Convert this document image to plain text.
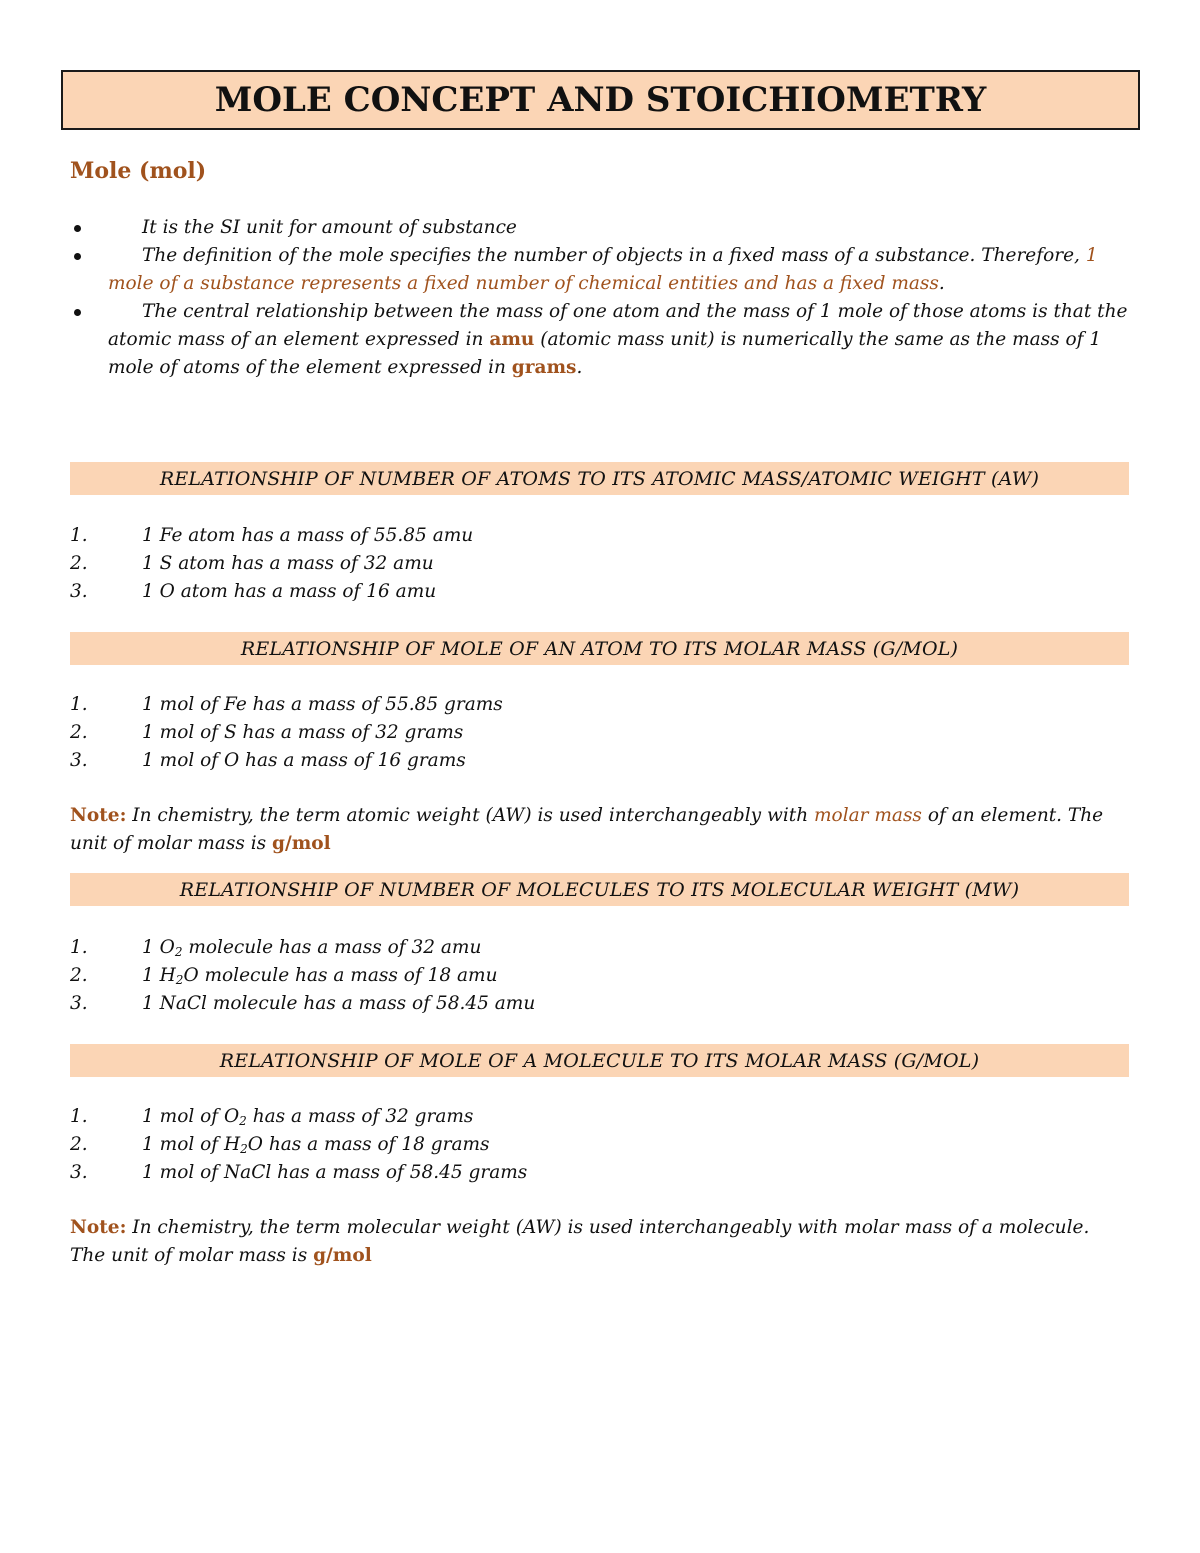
MOLE CONCEPT AND STOICHIOMETRY
Mole (mol)
It is the SI unit for amount of substance
The definition of the mole specifies the number of objects in a fixed mass of a substance. Therefore, 1 mole of a substance represents a fixed number of chemical entities and has a fixed mass.
The central relationship between the mass of one atom and the mass of 1 mole of those atoms is that the atomic mass of an element expressed in amu (atomic mass unit) is numerically the same as the mass of 1 mole of atoms of the element expressed in grams.
RELATIONSHIP OF NUMBER OF ATOMS TO ITS ATOMIC MASS/ATOMIC WEIGHT (AW)
1.	1 Fe atom has a mass of 55.85 amu
2.	1 S atom has a mass of 32 amu
3.	1 O atom has a mass of 16 amu
RELATIONSHIP OF MOLE OF AN ATOM TO ITS MOLAR MASS (G/MOL)
1.	1 mol of Fe has a mass of 55.85 grams
2.	1 mol of S has a mass of 32 grams
3.	1 mol of O has a mass of 16 grams
Note: In chemistry, the term atomic weight (AW) is used interchangeably with molar mass of an element. The unit of molar mass is g/mol
RELATIONSHIP OF NUMBER OF MOLECULES TO ITS MOLECULAR WEIGHT (MW)
1.	1 $O_2$ molecule has a mass of 32 amu
2.	1 $H_2O$ molecule has a mass of 18 amu
3.	1 NaCl molecule has a mass of 58.45 amu
RELATIONSHIP OF MOLE OF A MOLECULE TO ITS MOLAR MASS (G/MOL)
1.	1 mol of $O_2$ has a mass of 32 grams
2.	1 mol of $H_2O$ has a mass of 18 grams
3.	1 mol of NaCl has a mass of 58.45 grams
Note: In chemistry, the term molecular weight (AW) is used interchangeably with molar mass of a molecule. The unit of molar mass is g/mol
